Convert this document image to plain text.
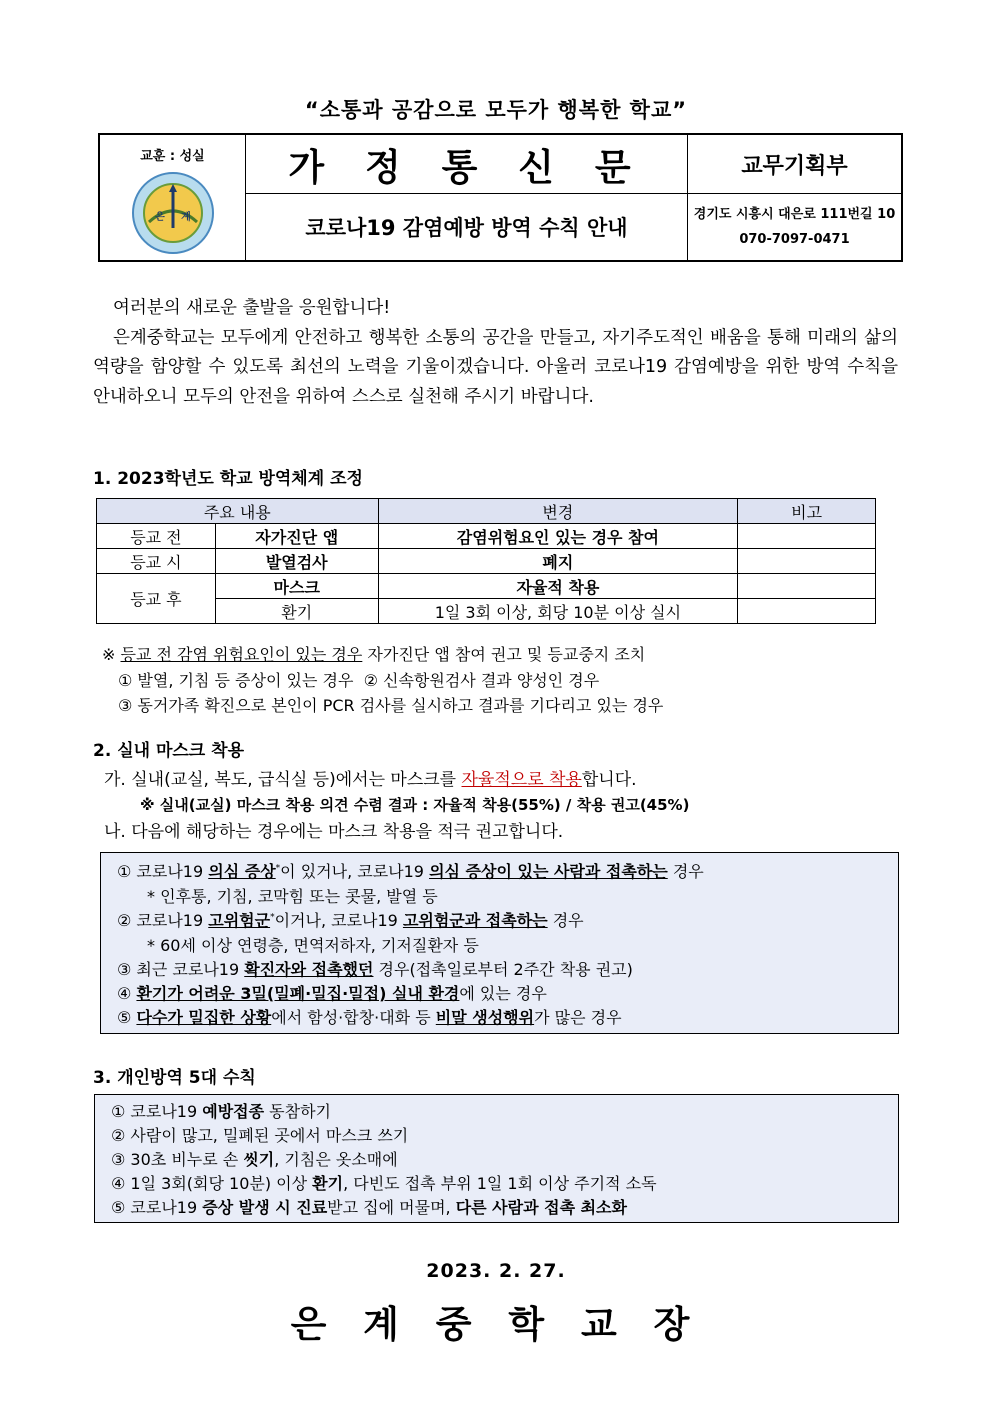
“소통과 공감으로 모두가 행복한 학교”
교훈 : 성실
은 계	가 정 통 신 문	교무기획부
	코로나19 감염예방 방역 수칙 안내	경기도 시흥시 대은로 111번길 10
070-7097-0471

여러분의 새로운 출발을 응원합니다!

은계중학교는 모두에게 안전하고 행복한 소통의 공간을 만들고, 자기주도적인 배움을 통해 미래의 삶의 역량을 함양할 수 있도록 최선의 노력을 기울이겠습니다. 아울러 코로나19 감염예방을 위한 방역 수칙을 안내하오니 모두의 안전을 위하여 스스로 실천해 주시기 바랍니다.

1. 2023학년도 학교 방역체계 조정
주요 내용		변경	비고
등교 전	자가진단 앱	감염위험요인 있는 경우 참여	
등교 시	발열검사	폐지	
등교 후	마스크	자율적 착용	
	환기	1일 3회 이상, 회당 10분 이상 실시	
※ 등교 전 감염 위험요인이 있는 경우 자가진단 앱 참여 권고 및 등교중지 조치
① 발열, 기침 등 증상이 있는 경우  ② 신속항원검사 결과 양성인 경우
③ 동거가족 확진으로 본인이 PCR 검사를 실시하고 결과를 기다리고 있는 경우
2. 실내 마스크 착용
가. 실내(교실, 복도, 급식실 등)에서는 마스크를 자율적으로 착용합니다.
※ 실내(교실) 마스크 착용 의견 수렴 결과 : 자율적 착용(55%) / 착용 권고(45%)
나. 다음에 해당하는 경우에는 마스크 착용을 적극 권고합니다.
① 코로나19 의심 증상*이 있거나, 코로나19 의심 증상이 있는 사람과 접촉하는 경우
* 인후통, 기침, 코막힘 또는 콧물, 발열 등
② 코로나19 고위험군*이거나, 코로나19 고위험군과 접촉하는 경우
* 60세 이상 연령층, 면역저하자, 기저질환자 등
③ 최근 코로나19 확진자와 접촉했던 경우(접촉일로부터 2주간 착용 권고)
④ 환기가 어려운 3밀(밀폐·밀집·밀접) 실내 환경에 있는 경우
⑤ 다수가 밀집한 상황에서 함성·합창·대화 등 비말 생성행위가 많은 경우
3. 개인방역 5대 수칙
① 코로나19 예방접종 동참하기
② 사람이 많고, 밀폐된 곳에서 마스크 쓰기
③ 30초 비누로 손 씻기, 기침은 옷소매에
④ 1일 3회(회당 10분) 이상 환기, 다빈도 접촉 부위 1일 1회 이상 주기적 소독
⑤ 코로나19 증상 발생 시 진료받고 집에 머물며, 다른 사람과 접촉 최소화
2023. 2. 27.
은 계 중 학 교 장
